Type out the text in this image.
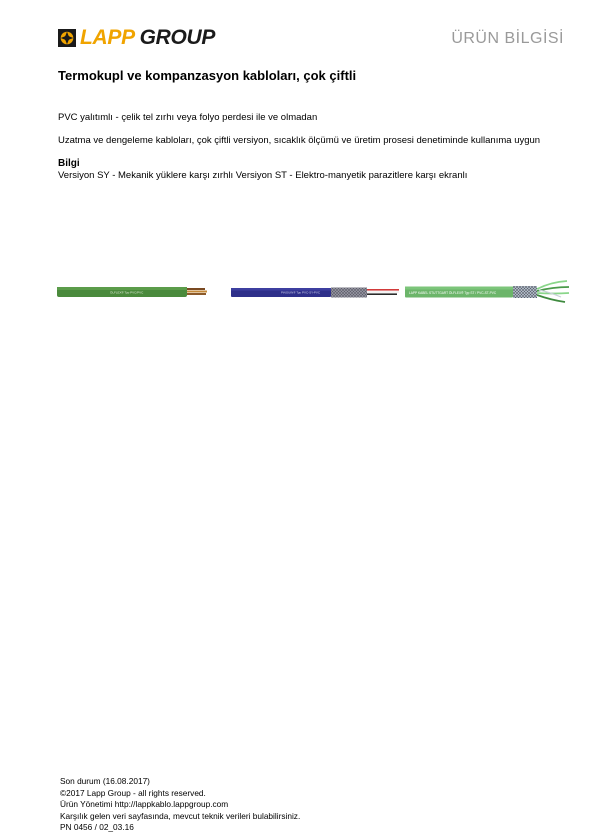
LAPP GROUP	ÜRÜN BİLGİSİ
Termokupl ve kompanzasyon kabloları, çok çiftli

PVC yalıtımlı - çelik tel zırhı veya folyo perdesi ile ve olmadan

Uzatma ve dengeleme kabloları, çok çiftli versiyon, sıcaklık ölçümü ve üretim prosesi denetiminde kullanıma uygun

Bilgi

Versiyon SY - Mekanik yüklere karşı zırhlı Versiyon ST - Elektro-manyetik parazitlere karşı ekranlı

ÖLFLEX® Typ PVC/PVC	PiNGUIN® Typ PVC-SY-PVC	LAPP KABEL STUTTGART ÖLFLEX® Typ ST / PVC-ST-PVC
Son durum (16.08.2017)
©2017 Lapp Group - all rights reserved.
Ürün Yönetimi http://lappkablo.lappgroup.com
Karşılık gelen veri sayfasında, mevcut teknik verileri bulabilirsiniz.
PN 0456 / 02_03.16
